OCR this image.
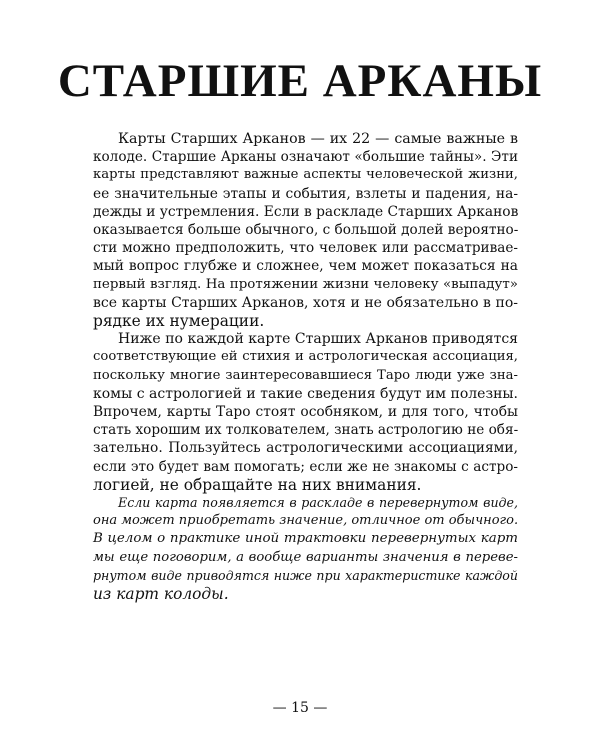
СТАРШИЕ АРКАНЫ
Карты Старших Арканов — их 22 — самые важные в
колоде. Старшие Арканы означают «большие тайны». Эти
карты представляют важные аспекты человеческой жизни,
ее значительные этапы и события, взлеты и падения, на-
дежды и устремления. Если в раскладе Старших Арканов
оказывается больше обычного, с большой долей вероятно-
сти можно предположить, что человек или рассматривае-
мый вопрос глубже и сложнее, чем может показаться на
первый взгляд. На протяжении жизни человеку «выпадут»
все карты Старших Арканов, хотя и не обязательно в по-
рядке их нумерации.
Ниже по каждой карте Старших Арканов приводятся
соответствующие ей стихия и астрологическая ассоциация,
поскольку многие заинтересовавшиеся Таро люди уже зна-
комы с астрологией и такие сведения будут им полезны.
Впрочем, карты Таро стоят особняком, и для того, чтобы
стать хорошим их толкователем, знать астрологию не обя-
зательно. Пользуйтесь астрологическими ассоциациями,
если это будет вам помогать; если же не знакомы с астро-
логией, не обращайте на них внимания.
Если карта появляется в раскладе в перевернутом виде,
она может приобретать значение, отличное от обычного.
В целом о практике иной трактовки перевернутых карт
мы еще поговорим, а вообще варианты значения в переве-
рнутом виде приводятся ниже при характеристике каждой
из карт колоды.
— 15 —
